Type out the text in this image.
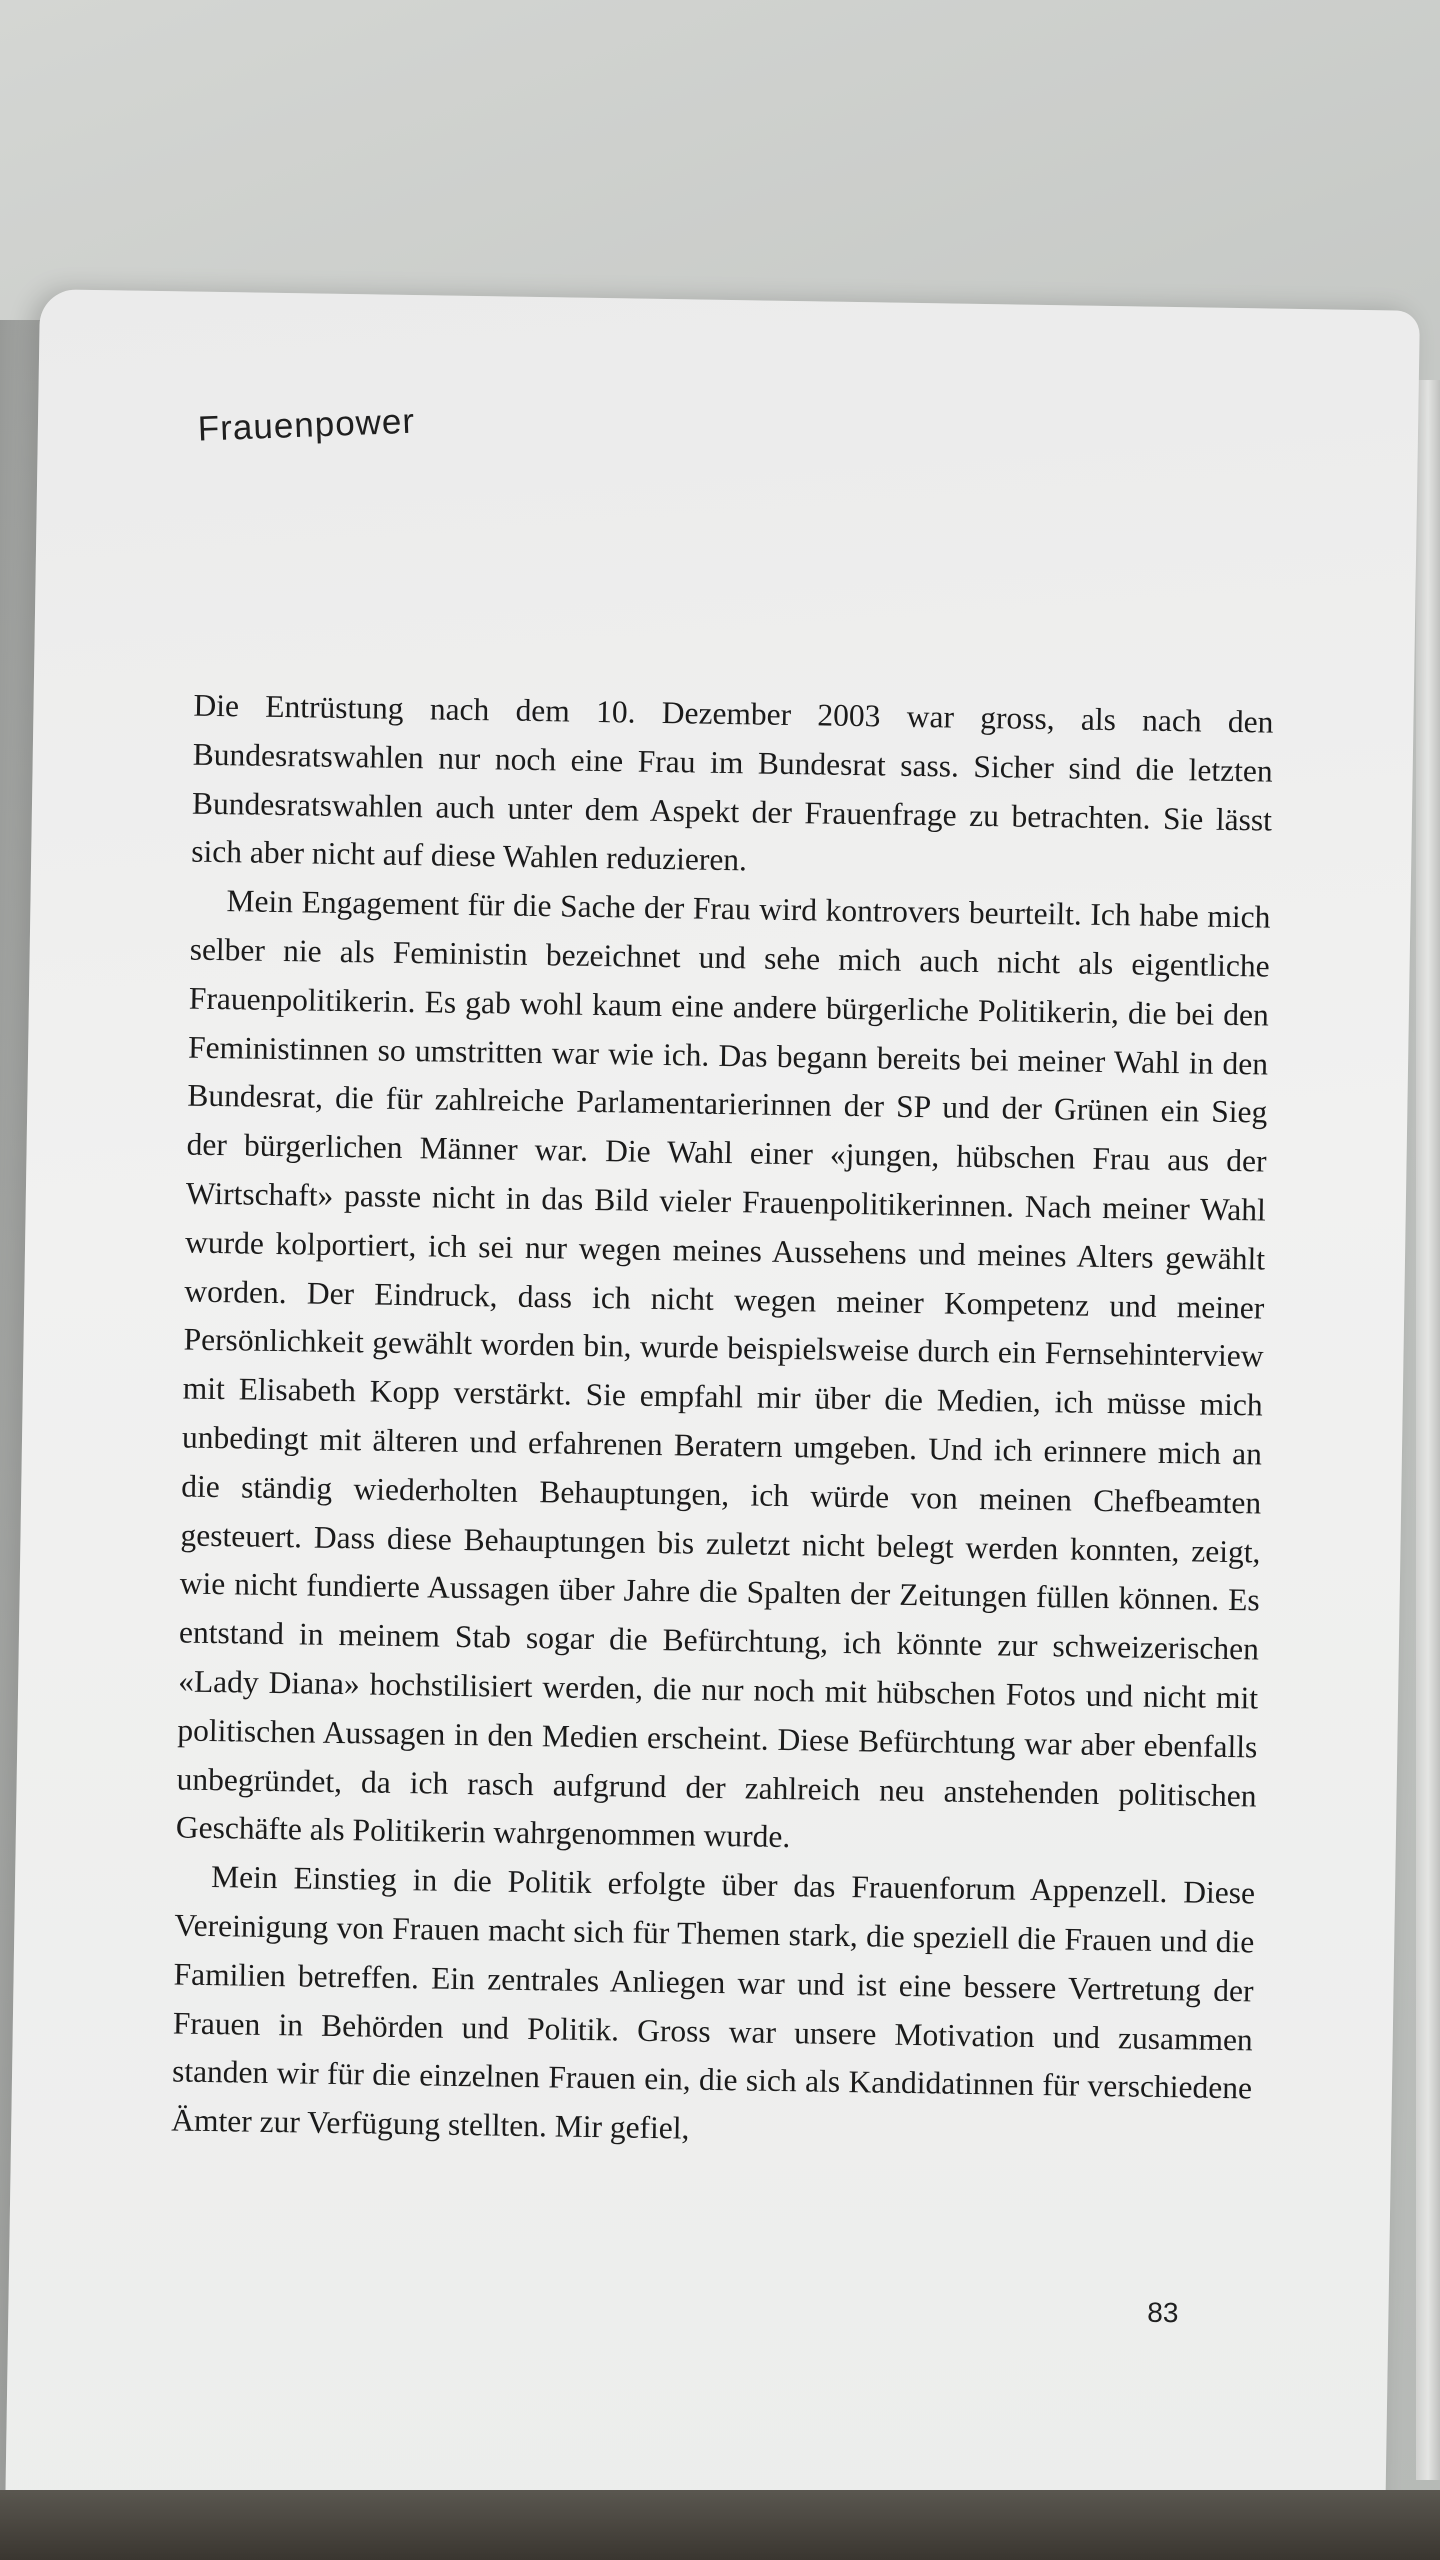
Frauenpower

Die Entrüstung nach dem 10. Dezember 2003 war gross, als nach den Bundesratswahlen nur noch eine Frau im Bundesrat sass. Sicher sind die letzten Bundesratswahlen auch unter dem Aspekt der Frauenfrage zu betrachten. Sie lässt sich aber nicht auf diese Wahlen reduzieren.

Mein Engagement für die Sache der Frau wird kontrovers beurteilt. Ich habe mich selber nie als Feministin bezeichnet und sehe mich auch nicht als eigentliche Frauenpolitikerin. Es gab wohl kaum eine andere bürgerliche Politikerin, die bei den Feministinnen so umstritten war wie ich. Das begann bereits bei meiner Wahl in den Bundesrat, die für zahlreiche Parlamentarierinnen der SP und der Grünen ein Sieg der bürgerlichen Männer war. Die Wahl einer «jungen, hübschen Frau aus der Wirtschaft» passte nicht in das Bild vieler Frauenpolitikerinnen. Nach meiner Wahl wurde kolportiert, ich sei nur wegen meines Aussehens und meines Alters gewählt worden. Der Eindruck, dass ich nicht wegen meiner Kompetenz und meiner Persönlichkeit gewählt worden bin, wurde beispielsweise durch ein Fernsehinterview mit Elisabeth Kopp verstärkt. Sie empfahl mir über die Medien, ich müsse mich unbedingt mit älteren und erfahrenen Beratern umgeben. Und ich erinnere mich an die ständig wiederholten Behauptungen, ich würde von meinen Chefbeamten gesteuert. Dass diese Behauptungen bis zuletzt nicht belegt werden konnten, zeigt, wie nicht fundierte Aussagen über Jahre die Spalten der Zeitungen füllen können. Es entstand in meinem Stab sogar die Befürchtung, ich könnte zur schweizerischen «Lady Diana» hochstilisiert werden, die nur noch mit hübschen Fotos und nicht mit politischen Aussagen in den Medien erscheint. Diese Befürchtung war aber ebenfalls unbegründet, da ich rasch aufgrund der zahlreich neu anstehenden politischen Geschäfte als Politikerin wahrgenommen wurde.

Mein Einstieg in die Politik erfolgte über das Frauenforum Appenzell. Diese Vereinigung von Frauen macht sich für Themen stark, die speziell die Frauen und die Familien betreffen. Ein zentrales Anliegen war und ist eine bessere Vertretung der Frauen in Behörden und Politik. Gross war unsere Motivation und zusammen standen wir für die einzelnen Frauen ein, die sich als Kandidatinnen für verschiedene Ämter zur Verfügung stellten. Mir gefiel,

83
